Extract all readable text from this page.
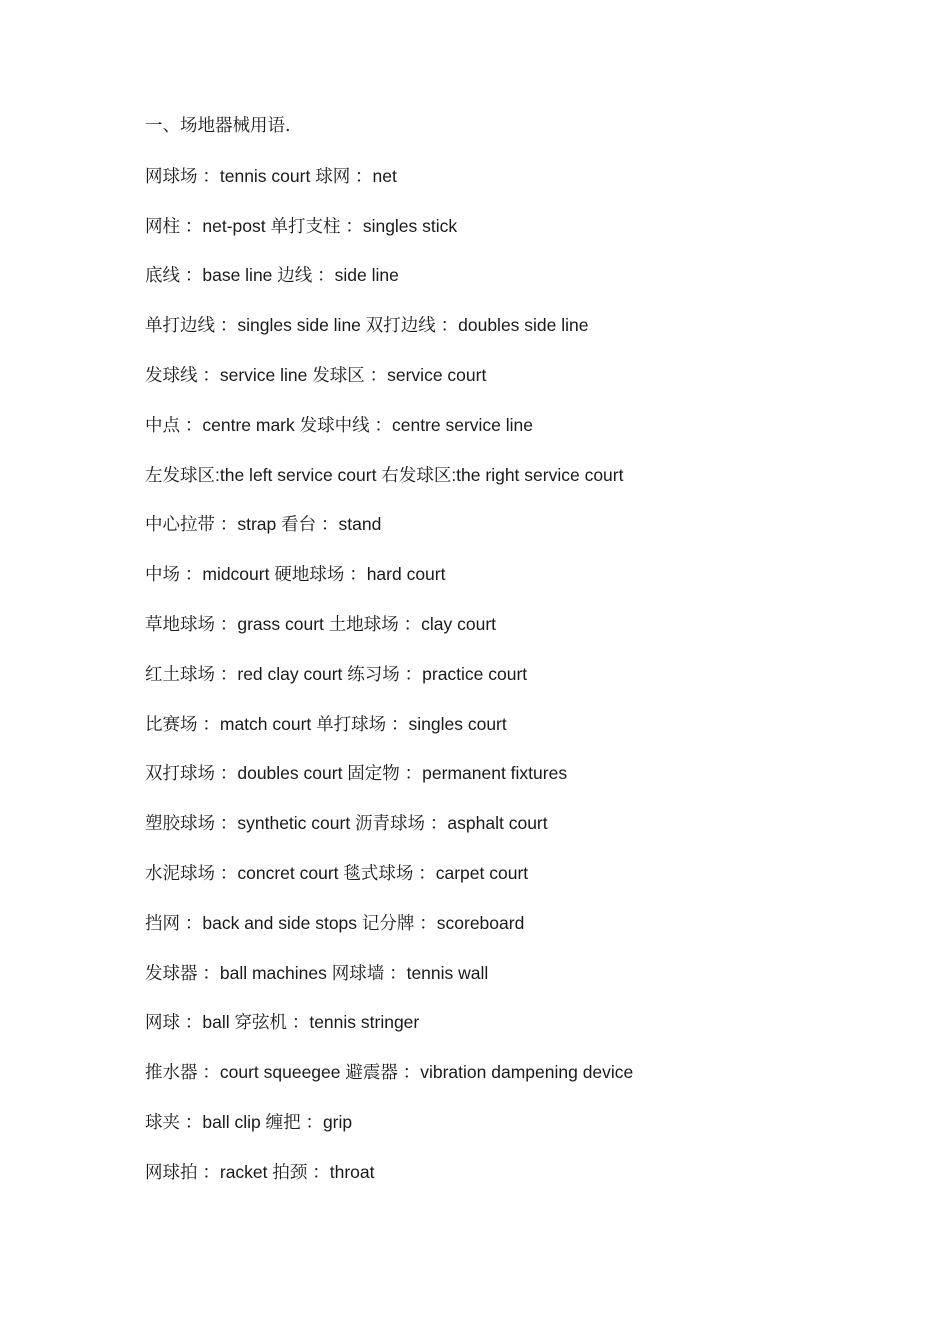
一、场地器械用语.
网球场 ：tennis court 球网 ：net
网柱 ：net-post 单打支柱 ：singles stick
底线 ：base line 边线 ：side line
单打边线 ：singles side line 双打边线 ：doubles side line
发球线 ：service line 发球区 ：service court
中点 ：centre mark 发球中线 ：centre service line
左发球区:the left service court 右发球区:the right service court
中心拉带 ：strap 看台 ：stand
中场 ：midcourt 硬地球场 ：hard court
草地球场 ：grass court 土地球场 ：clay court
红土球场 ：red clay court 练习场 ：practice court
比赛场 ：match court 单打球场 ：singles court
双打球场 ：doubles court 固定物 ：permanent fixtures
塑胶球场 ：synthetic court 沥青球场 ：asphalt court
水泥球场 ：concret court 毯式球场 ：carpet court
挡网 ：back and side stops 记分牌 ：scoreboard
发球器 ：ball machines 网球墙 ：tennis wall
网球 ：ball 穿弦机 ：tennis stringer
推水器 ：court squeegee 避震器 ：vibration dampening device
球夹 ：ball clip 缠把 ：grip
网球拍 ：racket 拍颈 ：throat
